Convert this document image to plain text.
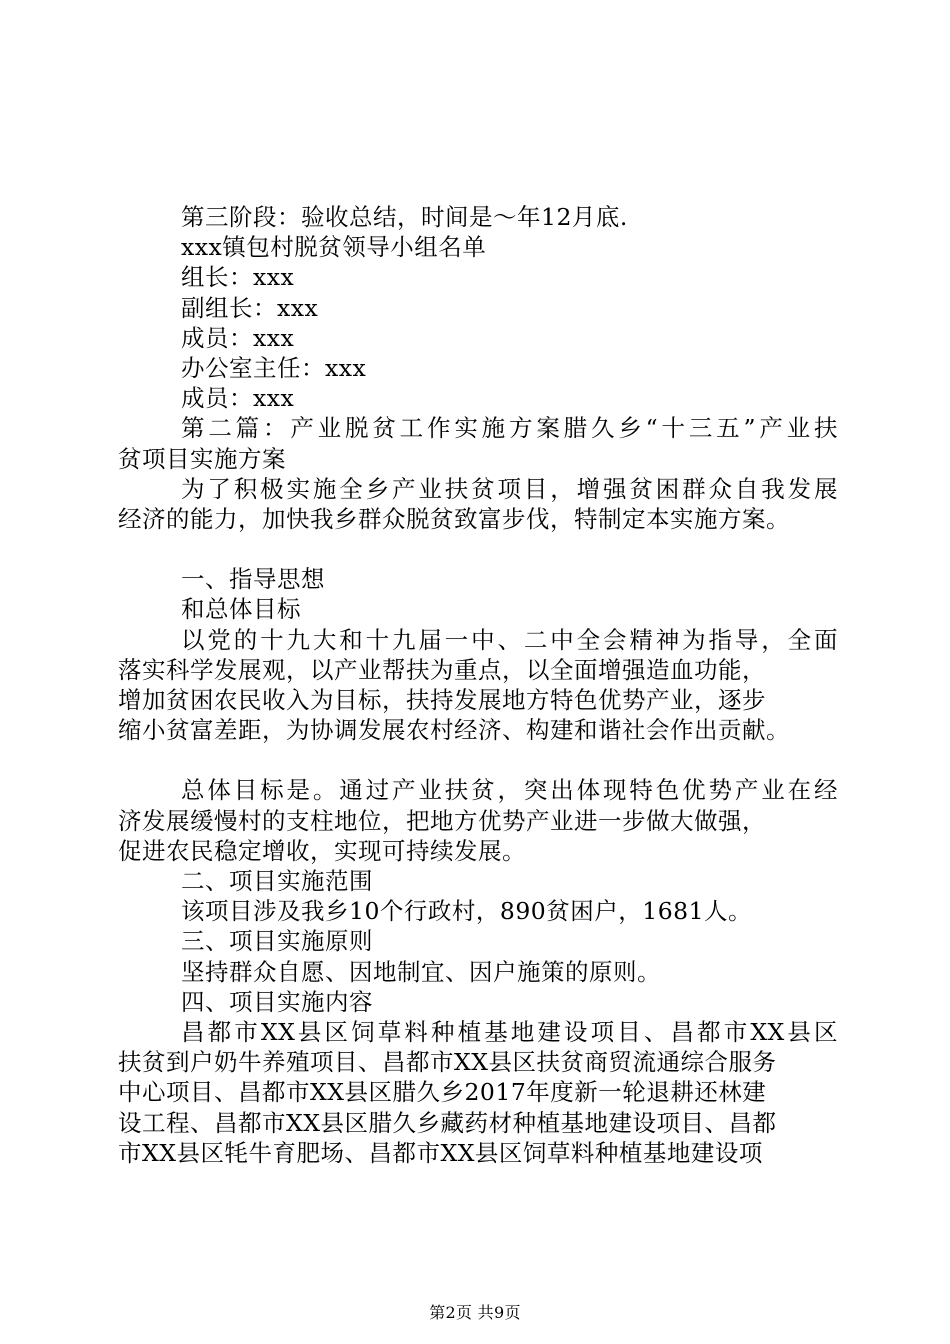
第三阶段：验收总结，时间是～年12月底.
xxx镇包村脱贫领导小组名单
组长：xxx
副组长：xxx
成员：xxx
办公室主任：xxx
成员：xxx
第二篇：产业脱贫工作实施方案腊久乡“十三五”产业扶
贫项目实施方案
为了积极实施全乡产业扶贫项目，增强贫困群众自我发展
经济的能力，加快我乡群众脱贫致富步伐，特制定本实施方案。
一、指导思想
和总体目标
以党的十九大和十九届一中、二中全会精神为指导，全面
落实科学发展观，以产业帮扶为重点，以全面增强造血功能，
增加贫困农民收入为目标，扶持发展地方特色优势产业，逐步
缩小贫富差距，为协调发展农村经济、构建和谐社会作出贡献。
总体目标是。通过产业扶贫，突出体现特色优势产业在经
济发展缓慢村的支柱地位，把地方优势产业进一步做大做强，
促进农民稳定增收，实现可持续发展。
二、项目实施范围
该项目涉及我乡10个行政村，890贫困户，1681人。
三、项目实施原则
坚持群众自愿、因地制宜、因户施策的原则。
四、项目实施内容
昌都市XX县区饲草料种植基地建设项目、昌都市XX县区
扶贫到户奶牛养殖项目、昌都市XX县区扶贫商贸流通综合服务
中心项目、昌都市XX县区腊久乡2017年度新一轮退耕还林建
设工程、昌都市XX县区腊久乡藏药材种植基地建设项目、昌都
市XX县区牦牛育肥场、昌都市XX县区饲草料种植基地建设项
第2页 共9页
